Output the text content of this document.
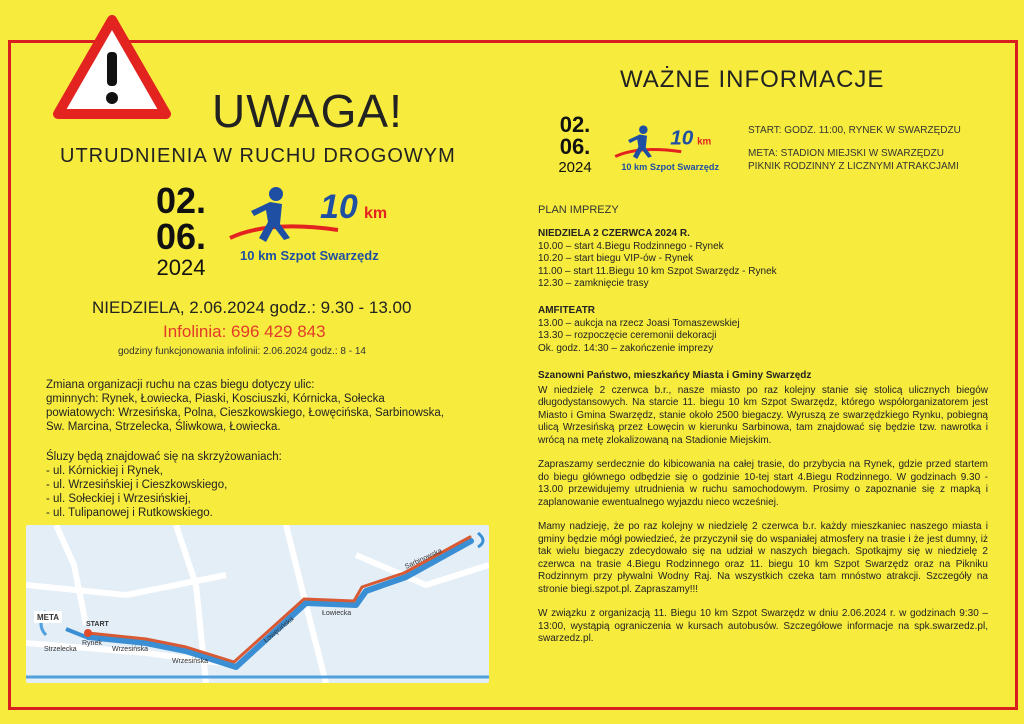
UWAGA!
UTRUDNIENIA W RUCHU DROGOWYM
02.
06.
2024
10 km
10 km Szpot Swarzędz
NIEDZIELA, 2.06.2024 godz.: 9.30 - 13.00
Infolinia: 696 429 843
godziny funkcjonowania infolinii: 2.06.2024 godz.: 8 - 14
Zmiana organizacji ruchu na czas biegu dotyczy ulic:
gminnych: Rynek, Łowiecka, Piaski, Kosciuszki, Kórnicka, Sołecka
powiatowych: Wrzesińska, Polna, Cieszkowskiego, Łowęcińska, Sarbinowska,
Sw. Marcina, Strzelecka, Śliwkowa, Łowiecka.
Śluzy będą znajdować się na skrzyżowaniach:
- ul. Kórnickiej i Rynek,
- ul. Wrzesińskiej i Cieszkowskiego,
- ul. Sołeckiej i Wrzesińskiej,
- ul. Tulipanowej i Rutkowskiego.
META
START
Strzelecka
Rynek
Wrzesińska
Wrzesińska
Łowęcińska
Łowiecka
Sarbinowska
WAŻNE INFORMACJE
02.
06.
2024
10 km
10 km Szpot Swarzędz
START: GODZ. 11:00, RYNEK W SWARZĘDZU
META: STADION MIEJSKI W SWARZĘDZU
PIKNIK RODZINNY Z LICZNYMI ATRAKCJAMI
PLAN IMPREZY
NIEDZIELA 2 CZERWCA 2024 R.
10.00 – start 4.Biegu Rodzinnego - Rynek
10.20 – start biegu VIP-ów - Rynek
11.00 – start 11.Biegu 10 km Szpot Swarzędz - Rynek
12.30 – zamknięcie trasy
AMFITEATR
13.00 – aukcja na rzecz Joasi Tomaszewskiej
13.30 – rozpoczęcie ceremonii dekoracji
Ok. godz. 14:30 – zakończenie imprezy
Szanowni Państwo, mieszkańcy Miasta i Gminy Swarzędz

W niedzielę 2 czerwca b.r., nasze miasto po raz kolejny stanie się stolicą ulicznych biegów długodystansowych. Na starcie 11. biegu 10 km Szpot Swarzędz, którego współorganizatorem jest Miasto i Gmina Swarzędz, stanie około 2500 biegaczy. Wyruszą ze swarzędzkiego Rynku, pobiegną ulicą Wrzesińską przez Łowęcin w kierunku Sarbinowa, tam znajdować się będzie tzw. nawrotka i wrócą na metę zlokalizowaną na Stadionie Miejskim.

Zapraszamy serdecznie do kibicowania na całej trasie, do przybycia na Rynek, gdzie przed startem do biegu głównego odbędzie się o godzinie 10-tej start 4.Biegu Rodzinnego. W godzinach 9.30 - 13.00 przewidujemy utrudnienia w ruchu samochodowym. Prosimy o zapoznanie się z mapką i zaplanowanie ewentualnego wyjazdu nieco wcześniej.

Mamy nadzieję, że po raz kolejny w niedzielę 2 czerwca b.r. każdy mieszkaniec naszego miasta i gminy będzie mógł powiedzieć, że przyczynił się do wspaniałej atmosfery na trasie i że jest dumny, iż tak wielu biegaczy zdecydowało się na udział w naszych biegach. Spotkajmy się w niedzielę 2 czerwca na trasie 4.Biegu Rodzinnego oraz 11. biegu 10 km Szpot Swarzędz oraz na Pikniku Rodzinnym przy pływalni Wodny Raj. Na wszystkich czeka tam mnóstwo atrakcji. Szczegóły na stronie biegi.szpot.pl. Zapraszamy!!!

W związku z organizacją 11. Biegu 10 km Szpot Swarzędz w dniu 2.06.2024 r. w godzinach 9:30 – 13:00, wystąpią ograniczenia w kursach autobusów. Szczegółowe informacje na spk.swarzedz.pl, swarzedz.pl.
